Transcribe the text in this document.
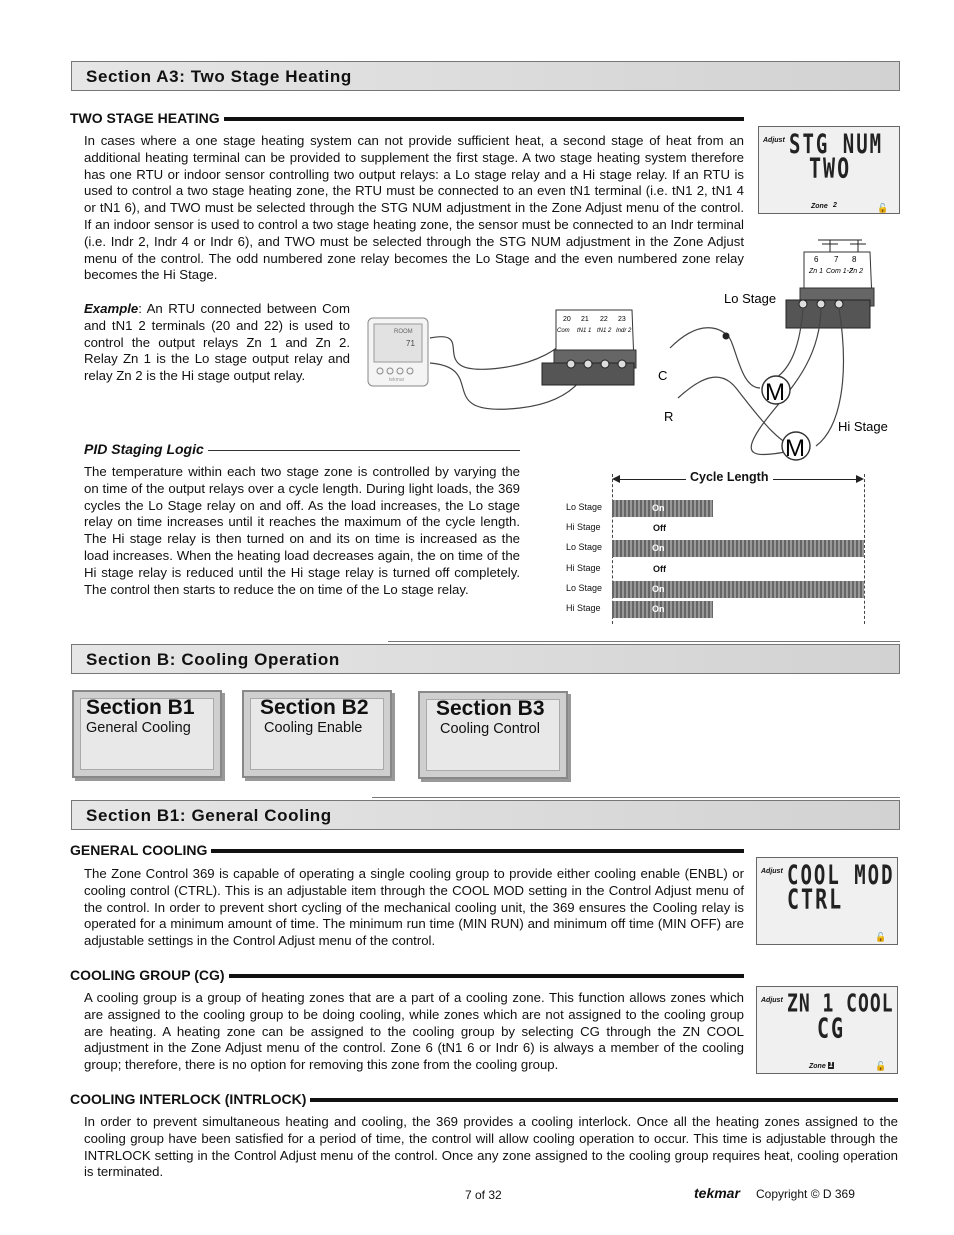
Section A3: Two Stage Heating
TWO STAGE HEATING
In cases where a one stage heating system can not provide sufficient heat, a second stage of heat from an additional heating terminal can be provided to supplement the first stage. A two stage heating system therefore has one RTU or indoor sensor controlling two output relays: a Lo stage relay and a Hi stage relay. If an RTU is used to control a two stage heating zone, the RTU must be connected to an even tN1 terminal (i.e. tN1 2, tN1 4 or tN1 6), and TWO must be selected through the STG NUM adjustment in the Zone Adjust menu of the control. If an indoor sensor is used to control a two stage heating zone, the sensor must be connected to an Indr terminal (i.e. Indr 2, Indr 4 or Indr 6), and TWO must be selected through the STG NUM adjustment in the Zone Adjust menu of the control. The odd numbered zone relay becomes the Lo Stage and the even numbered zone relay becomes the Hi Stage.
Adjust STG NUM
TWO
Zone 2	🔓
Example: An RTU connected between Com and tN1 2 terminals (20 and 22) is used to control the output relays Zn 1 and Zn 2. Relay Zn 1 is the Lo stage output relay and relay Zn 2 is the Hi stage output relay.
ROOM
71
tekmar
20
Com
21
tN1 1
22
tN1 2
23
Indr 2
6
Zn 1
7
Com 1-2
8
Zn 2
M
M
Lo Stage
Hi Stage
C
R
PID Staging Logic
The temperature within each two stage zone is controlled by varying the on time of the output relays over a cycle length. During light loads, the 369 cycles the Lo Stage relay on and off. As the load increases, the Lo stage relay on time increases until it reaches the maximum of the cycle length. The Hi stage relay is then turned on and its on time is increased as the load increases. When the heating load decreases again, the on time of the Hi stage relay is reduced until the Hi stage relay is turned off completely. The control then starts to reduce the on time of the Lo stage relay.
Cycle Length
Lo Stage	On
Hi Stage	Off
Lo Stage	On
Hi Stage	Off
Lo Stage	On
Hi Stage	On
Section B: Cooling Operation
Section B1
General Cooling
Section B2
Cooling Enable
Section B3
Cooling Control
Section B1: General Cooling
GENERAL COOLING
The Zone Control 369 is capable of operating a single cooling group to provide either cooling enable (ENBL) or cooling control (CTRL). This is an adjustable item through the COOL MOD setting in the Control Adjust menu of the control. In order to prevent short cycling of the mechanical cooling unit, the 369 ensures the Cooling relay is operated for a minimum amount of time. The minimum run time (MIN RUN) and minimum off time (MIN OFF) are adjustable settings in the Control Adjust menu of the control.
Adjust COOL MOD
CTRL
🔓
COOLING GROUP (CG)
A cooling group is a group of heating zones that are a part of a cooling zone. This function allows zones which are assigned to the cooling group to be doing cooling, while zones which are not assigned to the cooling group are heating. A heating zone can be assigned to the cooling group by selecting CG through the ZN COOL adjustment in the Zone Adjust menu of the control. Zone 6 (tN1 6 or Indr 6) is always a member of the cooling group; therefore, there is no option for removing this zone from the cooling group.
Adjust ZN 1 COOL
CG
Zone 1	🔓
COOLING INTERLOCK (INTRLOCK)
In order to prevent simultaneous heating and cooling, the 369 provides a cooling interlock. Once all the heating zones assigned to the cooling group have been satisfied for a period of time, the control will allow cooling operation to occur. This time is adjustable through the INTRLOCK setting in the Control Adjust menu of the control. Once any zone assigned to the cooling group requires heat, cooling operation is terminated.
7 of 32	tekmar Copyright © D 369
